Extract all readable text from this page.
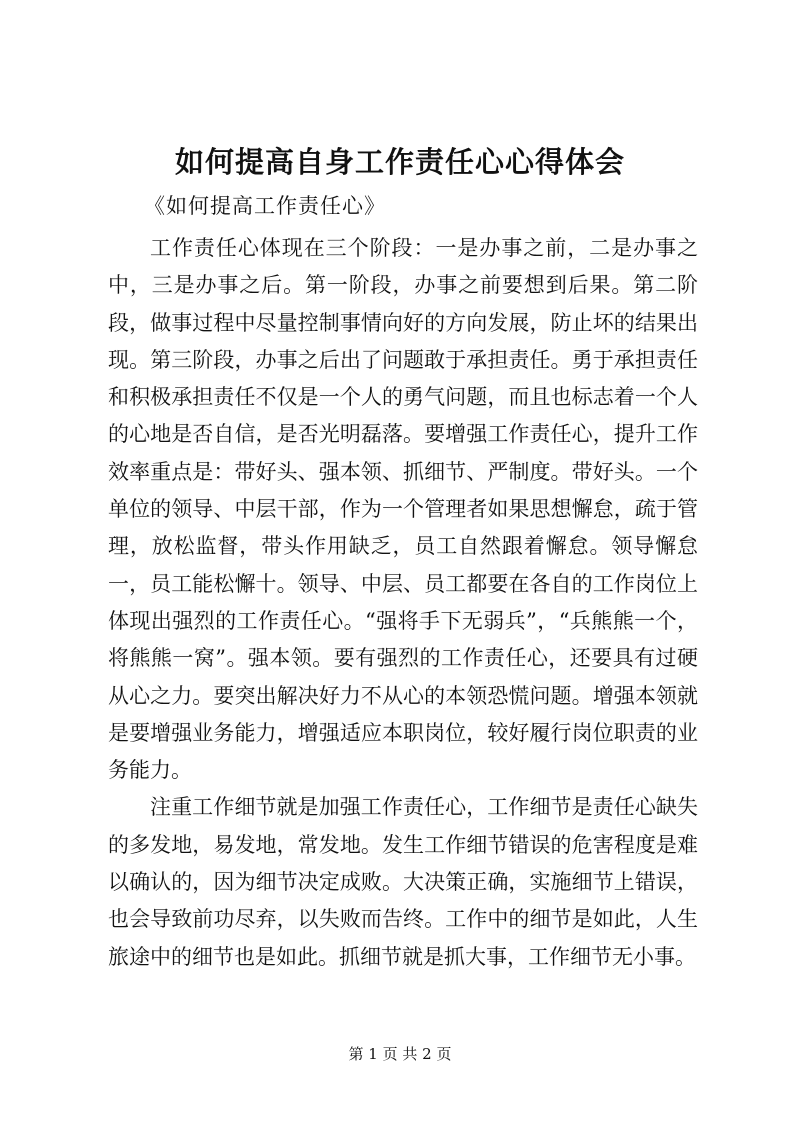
如何提高自身工作责任心心得体会
《如何提高工作责任心》

工作责任心体现在三个阶段：一是办事之前，二是办事之中，三是办事之后。第一阶段，办事之前要想到后果。第二阶段，做事过程中尽量控制事情向好的方向发展，防止坏的结果出现。第三阶段，办事之后出了问题敢于承担责任。勇于承担责任和积极承担责任不仅是一个人的勇气问题，而且也标志着一个人的心地是否自信，是否光明磊落。要增强工作责任心，提升工作效率重点是：带好头、强本领、抓细节、严制度。带好头。一个单位的领导、中层干部，作为一个管理者如果思想懈怠，疏于管理，放松监督，带头作用缺乏，员工自然跟着懈怠。领导懈怠一，员工能松懈十。领导、中层、员工都要在各自的工作岗位上体现出强烈的工作责任心。“强将手下无弱兵”，“兵熊熊一个，将熊熊一窝”。强本领。要有强烈的工作责任心，还要具有过硬从心之力。要突出解决好力不从心的本领恐慌问题。增强本领就是要增强业务能力，增强适应本职岗位，较好履行岗位职责的业务能力。

注重工作细节就是加强工作责任心，工作细节是责任心缺失的多发地，易发地，常发地。发生工作细节错误的危害程度是难以确认的，因为细节决定成败。大决策正确，实施细节上错误，也会导致前功尽弃，以失败而告终。工作中的细节是如此，人生旅途中的细节也是如此。抓细节就是抓大事，工作细节无小事。

第 1 页 共 2 页
